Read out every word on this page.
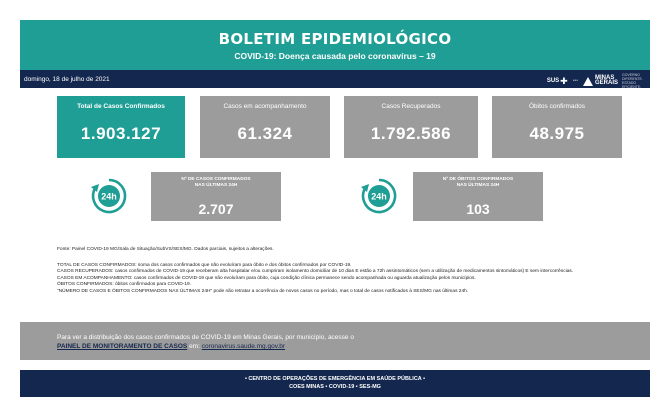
BOLETIM EPIDEMIOLÓGICO
COVID-19: Doença causada pelo coronavírus – 19
domingo, 18 de julho de 2021	SUS ✚ •••
MINAS
GERAIS
GOVERNO DIFERENTE. ESTADO EFICIENTE.
Total de Casos Confirmados
1.903.127
Casos em acompanhamento
61.324
Casos Recuperados
1.792.586
Óbitos confirmados
48.975
24h
Nº DE CASOS CONFIRMADOS
NAS ÚLTIMAS 24H
2.707
24h
Nº DE ÓBITOS CONFIRMADOS
NAS ÚLTIMAS 24H
103

Fonte: Painel COVID-19 MG/Sala de Situação/SubVS/SES/MG. Dados parciais, sujeitos a alterações.

TOTAL DE CASOS CONFIRMADOS: soma dos casos confirmados que não evoluíram para óbito e dos óbitos confirmados por COVID-19.

CASOS RECUPERADOS: casos confirmados de COVID-19 que receberam alta hospitalar e/ou cumpriram isolamento domiciliar de 10 dias E estão a 72h assintomáticos (sem a utilização de medicamentos sintomáticos) E sem intercorrências.

CASOS EM ACOMPANHAMENTO: casos confirmados de COVID-19 que não evoluíram para óbito, cuja condição clínica permanece sendo acompanhada ou aguarda atualização pelos municípios.

ÓBITOS CONFIRMADOS: óbitos confirmados para COVID-19.

"NÚMERO DE CASOS E ÓBITOS CONFIRMADOS NAS ÚLTIMAS 24H" pode não retratar a ocorrência de novos casos no período, mas o total de casos notificados à SES/MG nas últimas 24h.

Para ver a distribuição dos casos confirmados de COVID-19 em Minas Gerais, por município, acesse o
PAINEL DE MONITORAMENTO DE CASOS em: coronavirus.saude.mg.gov.br
• CENTRO DE OPERAÇÕES DE EMERGÊNCIA EM SAÚDE PÚBLICA •
COES MINAS • COVID-19 • SES-MG
